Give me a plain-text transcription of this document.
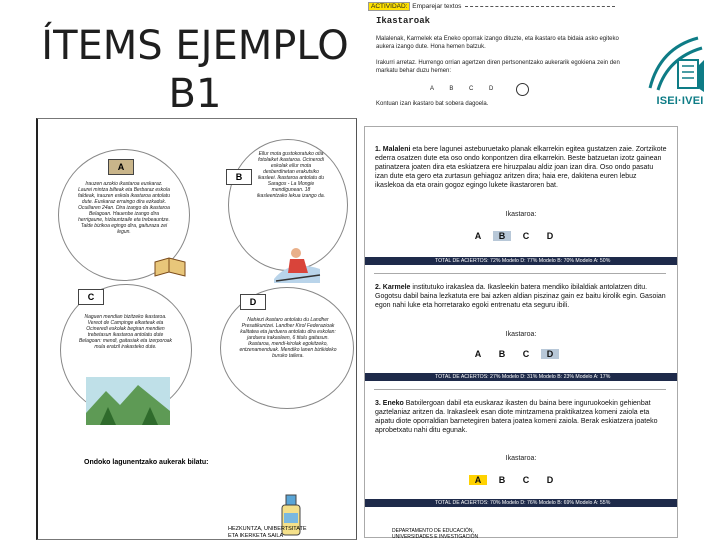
ÍTEMS EJEMPLO
B1
ACTIVIDAD: Emparejar textos
Ikastaroak
Malalenak, Karmelek eta Eneko oporrak izango dituzte, eta ikastaro eta bidaia asko egiteko aukera izango dute. Hona hemen batzuk.
Irakurri arretaz. Hurrengo orrian agertzen diren pertsonentzako aukerarik egokiena zein den markatu behar duzu hemen:
A	B	C	D
Kontuan izan ikastaro bat sobera dagoela.	ISEI·IVEI
A
Irauzen azokio ikastaroa euskaraz. Laurei mintza bilteak eta Berbaraz eskola faldeak, irauzen eskola ikastaroa antolatu dute. Euskaraz erraingo dira ezkaduk. Ocuiliaren 24an. Dira izango da ikastaroa Belagoan. Hauenbe izango dira herrigaune, hizlauntzaile eta trebeauntze. Talde bizikoa egingo dira, gaituraza zei legun.
B
Ellur mota gustokoratuko otia fotolaiket ikastaroa. Ocinerodi eskolak ellur mota desberdinetan erakutsiko ikasleei. Ikastaroa antolatu du Saragos - La Mongie mendigunean. 18 ikasleentzako lekua izango da.
C
Naguen mendian bizitzeko ikastaroa. Vereot de Campinge elkarteak eta Ocineredi eskolak begiran mendien trebetasun ikastaroa antolatu dute Belagoan: mendi, gaitasiak eta izerporoak mula eratzil irakasteko dute.
D
Nahiezi ikastaro antolatu du Landher Presatikuntzei. Landher Kirol Federazioak kalitatea eta jarduera antolatu dira eskolan: jarduera irakasleen, 6 titulu gaitasun. Ikastaroa, mendi-kirolak egokitzeko, entzenamenduak. Mendiko lanen bizikideko buruko tailera.
Ondoko lagunentzako aukerak bilatu:
HEZKUNTZA, UNIBERTSITATE
ETA IKERKETA SAILA
1. Malaleni eta bere lagunei asteburuetako planak elkarrekin egitea gustatzen zaie. Zortzikote ederra osatzen dute eta oso ondo konpontzen dira elkarrekin. Beste batzuetan izotz gainean patinatzera joaten dira eta eskiatzera ere hiruzpalau aldiz joan izan dira. Oso ondo pasatu izan dute eta gero eta zurtasun gehiagoz aritzen dira; haia ere, dakitena euren lebuz ikaslekoa da eta orain gogoz egingo lukete ikastaroren bat.
Ikastaroa:
A B C D
TOTAL DE ACIERTOS: 72% Modelo D: 77% Modelo B: 70% Modelo A: 50%
2. Karmele institutuko irakaslea da. Ikasleekin batera mendiko ibilaldiak antolatzen ditu. Gogotsu dabil baina lezkatuta ere bai azken aldian piszinaz gain ez baitu kirolik egin. Gasoian egon nahi luke eta horretarako egoki entrenatu eta seguru ibili.
Ikastaroa:
A B C D
TOTAL DE ACIERTOS: 27% Modelo D: 31% Modelo B: 23% Modelo A: 17%
3. Eneko Batxilergoan dabil eta euskaraz ikasten du baina bere inguruokoekin gehienbat gaztelaniaz aritzen da. Irakasleek esan diote mintzamena praktikatzea komeni zaiola eta aipatu diote oporraldian barnetegiren batera joatea komeni zaiola. Berak eskiatzera joateko aprobetxatu nahi ditu egunak.
Ikastaroa:
A B C D
TOTAL DE ACIERTOS: 70% Modelo D: 76% Modelo B: 69% Modelo A: 55%
DEPARTAMENTO DE EDUCACIÓN,
UNIVERSIDADES E INVESTIGACIÓN
